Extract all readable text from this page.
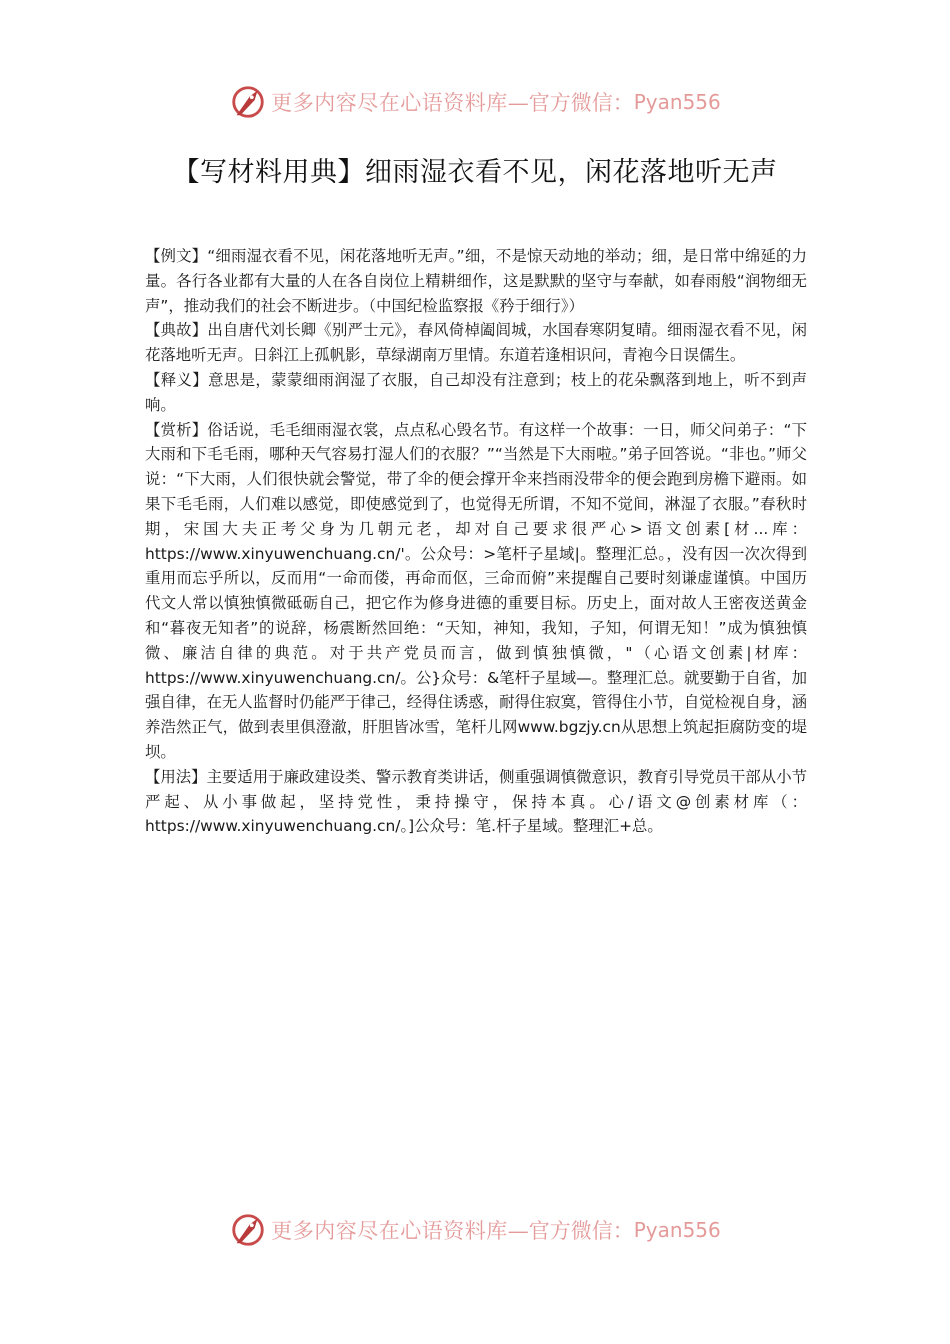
更多内容尽在心语资料库 —官方微信： Pyan556
【写材料用典】细雨湿衣看不见，闲花落地听无声

【例文】“细雨湿衣看不见，闲花落地听无声。”细，不是惊天动地的举动；细，是日常中绵延的力量。各行各业都有大量的人在各自岗位上精耕细作，这是默默的坚守与奉献，如春雨般“润物细无声”，推动我们的社会不断进步。（中国纪检监察报《矜于细行》）

【典故】出自唐代刘长卿《别严士元》，春风倚棹阖闾城，水国春寒阴复晴。细雨湿衣看不见，闲花落地听无声。日斜江上孤帆影，草绿湖南万里情。东道若逢相识问，青袍今日误儒生。

【释义】意思是，蒙蒙细雨润湿了衣服，自己却没有注意到；枝上的花朵飘落到地上，听不到声响。

【赏析】俗话说，毛毛细雨湿衣裳，点点私心毁名节。有这样一个故事：一日，师父问弟子：“下大雨和下毛毛雨，哪种天气容易打湿人们的衣服？”“当然是下大雨啦。”弟子回答说。“非也。”师父说：“下大雨，人们很快就会警觉，带了伞的便会撑开伞来挡雨没带伞的便会跑到房檐下避雨。如果下毛毛雨，人们难以感觉，即使感觉到了，也觉得无所谓，不知不觉间，淋湿了衣服。”春秋时期，宋国大夫正考父身为几朝元老，却对自己要求很严心>语文创素[材...库：https://www.xinyuwenchuang.cn/'。公众号：>笔杆子星域|。整理汇总。，没有因一次次得到重用而忘乎所以，反而用“一命而偻，再命而伛，三命而俯”来提醒自己要时刻谦虚谨慎。中国历代文人常以慎独慎微砥砺自己，把它作为修身进德的重要目标。历史上，面对故人王密夜送黄金和“暮夜无知者”的说辞，杨震断然回绝：“天知，神知，我知，子知，何谓无知！”成为慎独慎微、廉洁自律的典范。对于共产党员而言，做到慎独慎微，"（心语文创素|材库：https://www.xinyuwenchuang.cn/。公}众号：&笔杆子星域—。整理汇总。就要勤于自省，加强自律，在无人监督时仍能严于律己，经得住诱惑，耐得住寂寞，管得住小节，自觉检视自身，涵养浩然正气，做到表里俱澄澈，肝胆皆冰雪，笔杆儿网www.bgzjy.cn从思想上筑起拒腐防变的堤坝。

【用法】主要适用于廉政建设类、警示教育类讲话，侧重强调慎微意识，教育引导党员干部从小节严起、从小事做起，坚持党性，秉持操守，保持本真。心/语文@创素材库（：https://www.xinyuwenchuang.cn/。]公众号：笔.杆子星域。整理汇+总。

更多内容尽在心语资料库 —官方微信： Pyan556
